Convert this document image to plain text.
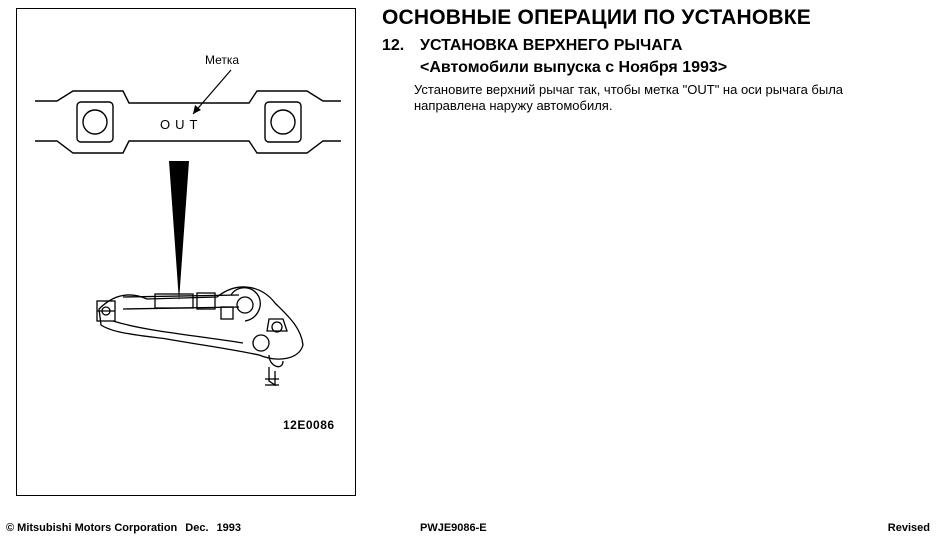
Метка
OUT
12E0086
ОСНОВНЫЕ ОПЕРАЦИИ ПО УСТАНОВКЕ
12. УСТАНОВКА ВЕРХНЕГО РЫЧАГА
<Автомобили выпуска с Ноября 1993>

Установите верхний рычаг так, чтобы метка "OUT" на оси рычага была

направлена наружу автомобиля.

© Mitsubishi Motors Corporation Dec. 1993	PWJE9086-E	Revised
